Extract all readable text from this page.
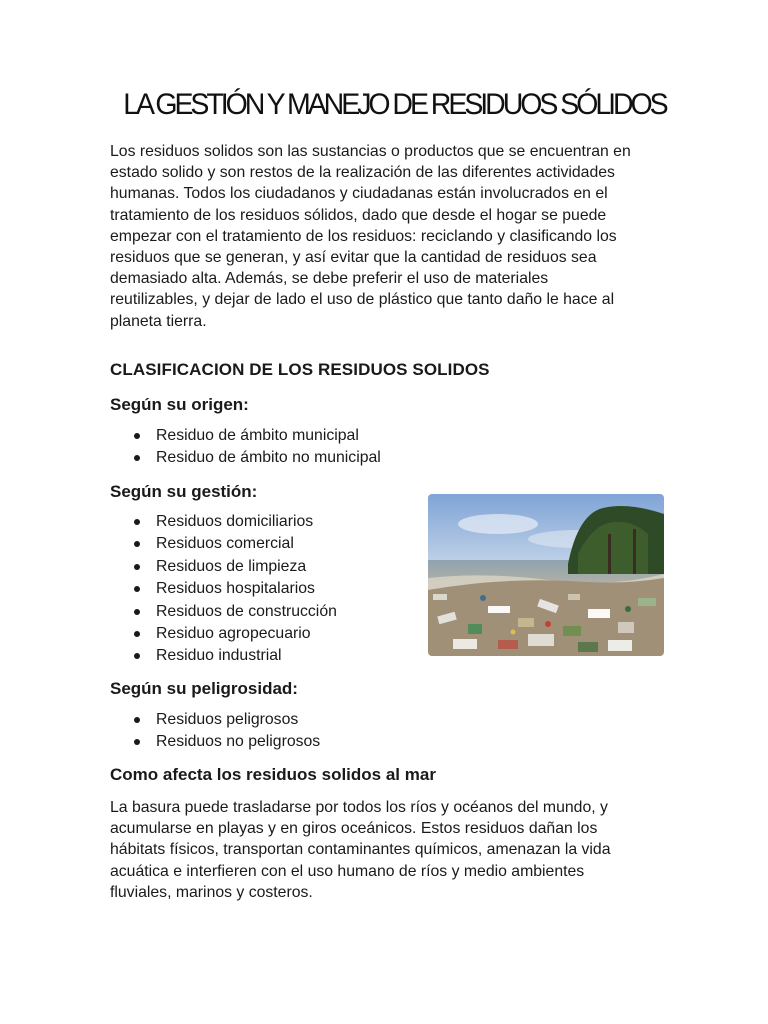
LA GESTIÓN Y MANEJO DE RESIDUOS SÓLIDOS

Los residuos solidos son las sustancias o productos que se encuentran en estado solido y son restos de la realización de las diferentes actividades humanas. Todos los ciudadanos y ciudadanas están involucrados en el tratamiento de los residuos sólidos, dado que desde el hogar se puede empezar con el tratamiento de los residuos: reciclando y clasificando los residuos que se generan, y así evitar que la cantidad de residuos sea demasiado alta. Además, se debe preferir el uso de materiales reutilizables, y dejar de lado el uso de plástico que tanto daño le hace al planeta tierra.

CLASIFICACION DE LOS RESIDUOS SOLIDOS
Según su origen:
Residuo de ámbito municipal
Residuo de ámbito no municipal
Según su gestión:
Residuos domiciliarios
Residuos comercial
Residuos de limpieza
Residuos hospitalarios
Residuos de construcción
Residuo agropecuario
Residuo industrial
Según su peligrosidad:
Residuos peligrosos
Residuos no peligrosos
Como afecta los residuos solidos al mar

La basura puede trasladarse por todos los ríos y océanos del mundo, y acumularse en playas y en giros oceánicos. Estos residuos dañan los hábitats físicos, transportan contaminantes químicos, amenazan la vida acuática e interfieren con el uso humano de ríos y medio ambientes fluviales, marinos y costeros.
